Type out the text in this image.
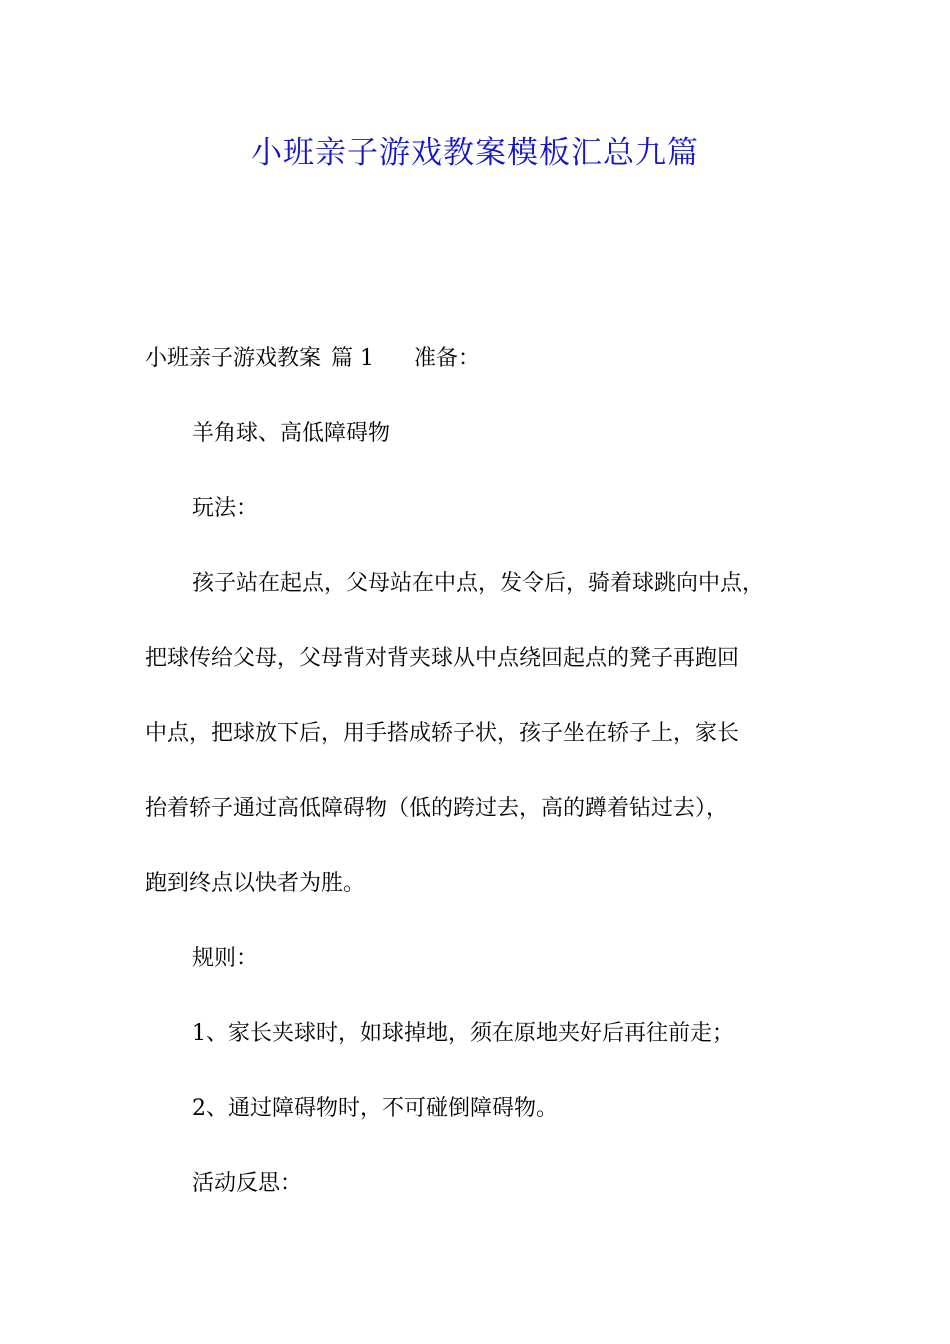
小班亲子游戏教案模板汇总九篇

小班亲子游戏教案 篇 1 准备：

羊角球、高低障碍物

玩法：

孩子站在起点，父母站在中点，发令后，骑着球跳向中点，

把球传给父母，父母背对背夹球从中点绕回起点的凳子再跑回

中点，把球放下后，用手搭成轿子状，孩子坐在轿子上，家长

抬着轿子通过高低障碍物（低的跨过去，高的蹲着钻过去），

跑到终点以快者为胜。

规则：

1、家长夹球时，如球掉地，须在原地夹好后再往前走；

2、通过障碍物时，不可碰倒障碍物。

活动反思：
